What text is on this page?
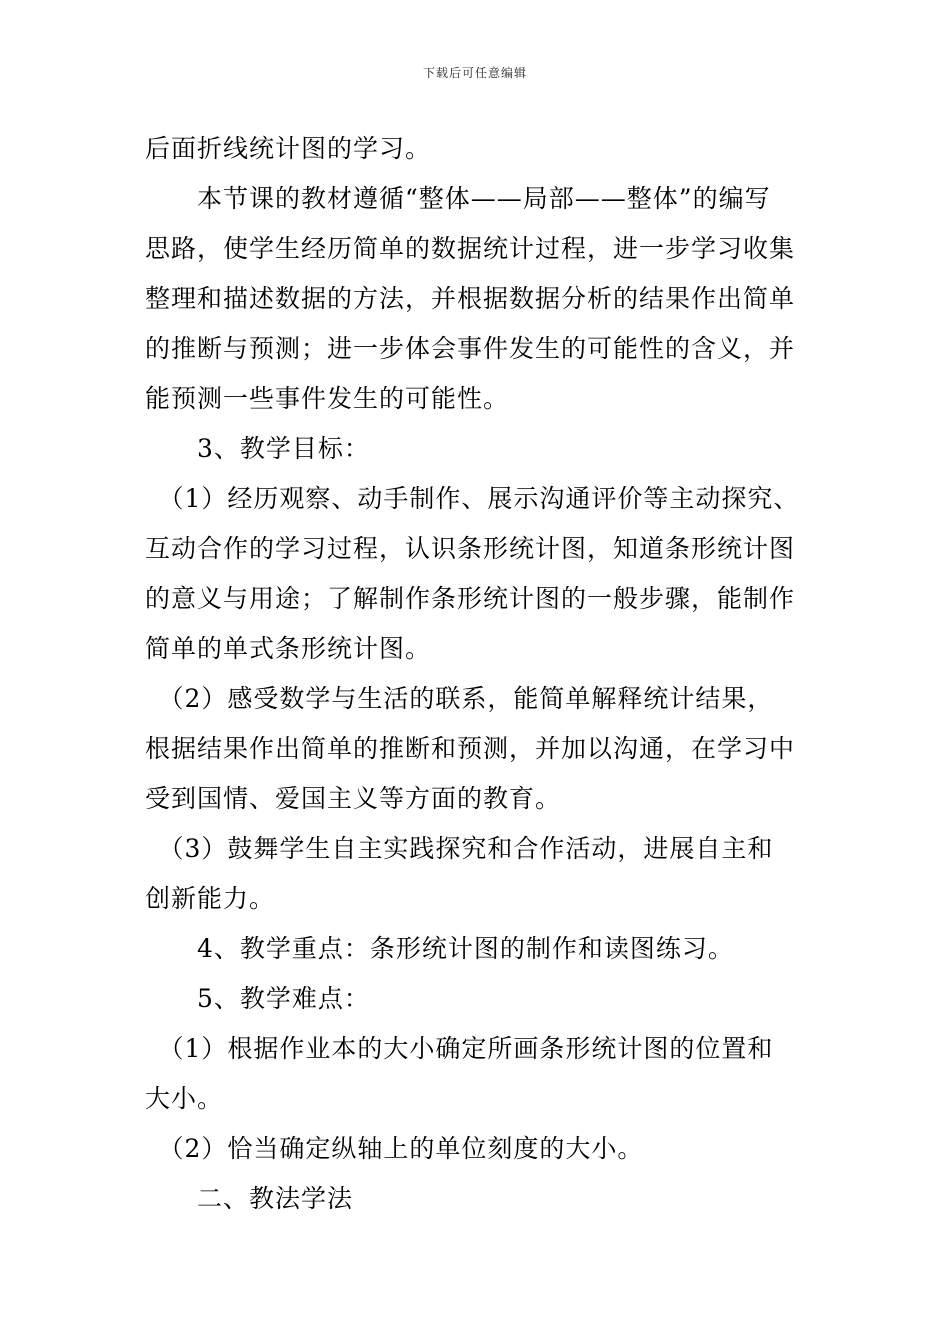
下载后可任意编辑
后面折线统计图的学习。
　　本节课的教材遵循“整体——局部——整体”的编写
思路，使学生经历简单的数据统计过程，进一步学习收集
整理和描述数据的方法，并根据数据分析的结果作出简单
的推断与预测；进一步体会事件发生的可能性的含义，并
能预测一些事件发生的可能性。
　　3、教学目标：
　（1）经历观察、动手制作、展示沟通评价等主动探究、
互动合作的学习过程，认识条形统计图，知道条形统计图
的意义与用途；了解制作条形统计图的一般步骤，能制作
简单的单式条形统计图。
　（2）感受数学与生活的联系，能简单解释统计结果，
根据结果作出简单的推断和预测，并加以沟通，在学习中
受到国情、爱国主义等方面的教育。
　（3）鼓舞学生自主实践探究和合作活动，进展自主和
创新能力。
　　4、教学重点：条形统计图的制作和读图练习。
　　5、教学难点：
　（1）根据作业本的大小确定所画条形统计图的位置和
大小。
　（2）恰当确定纵轴上的单位刻度的大小。
　　二、教法学法
